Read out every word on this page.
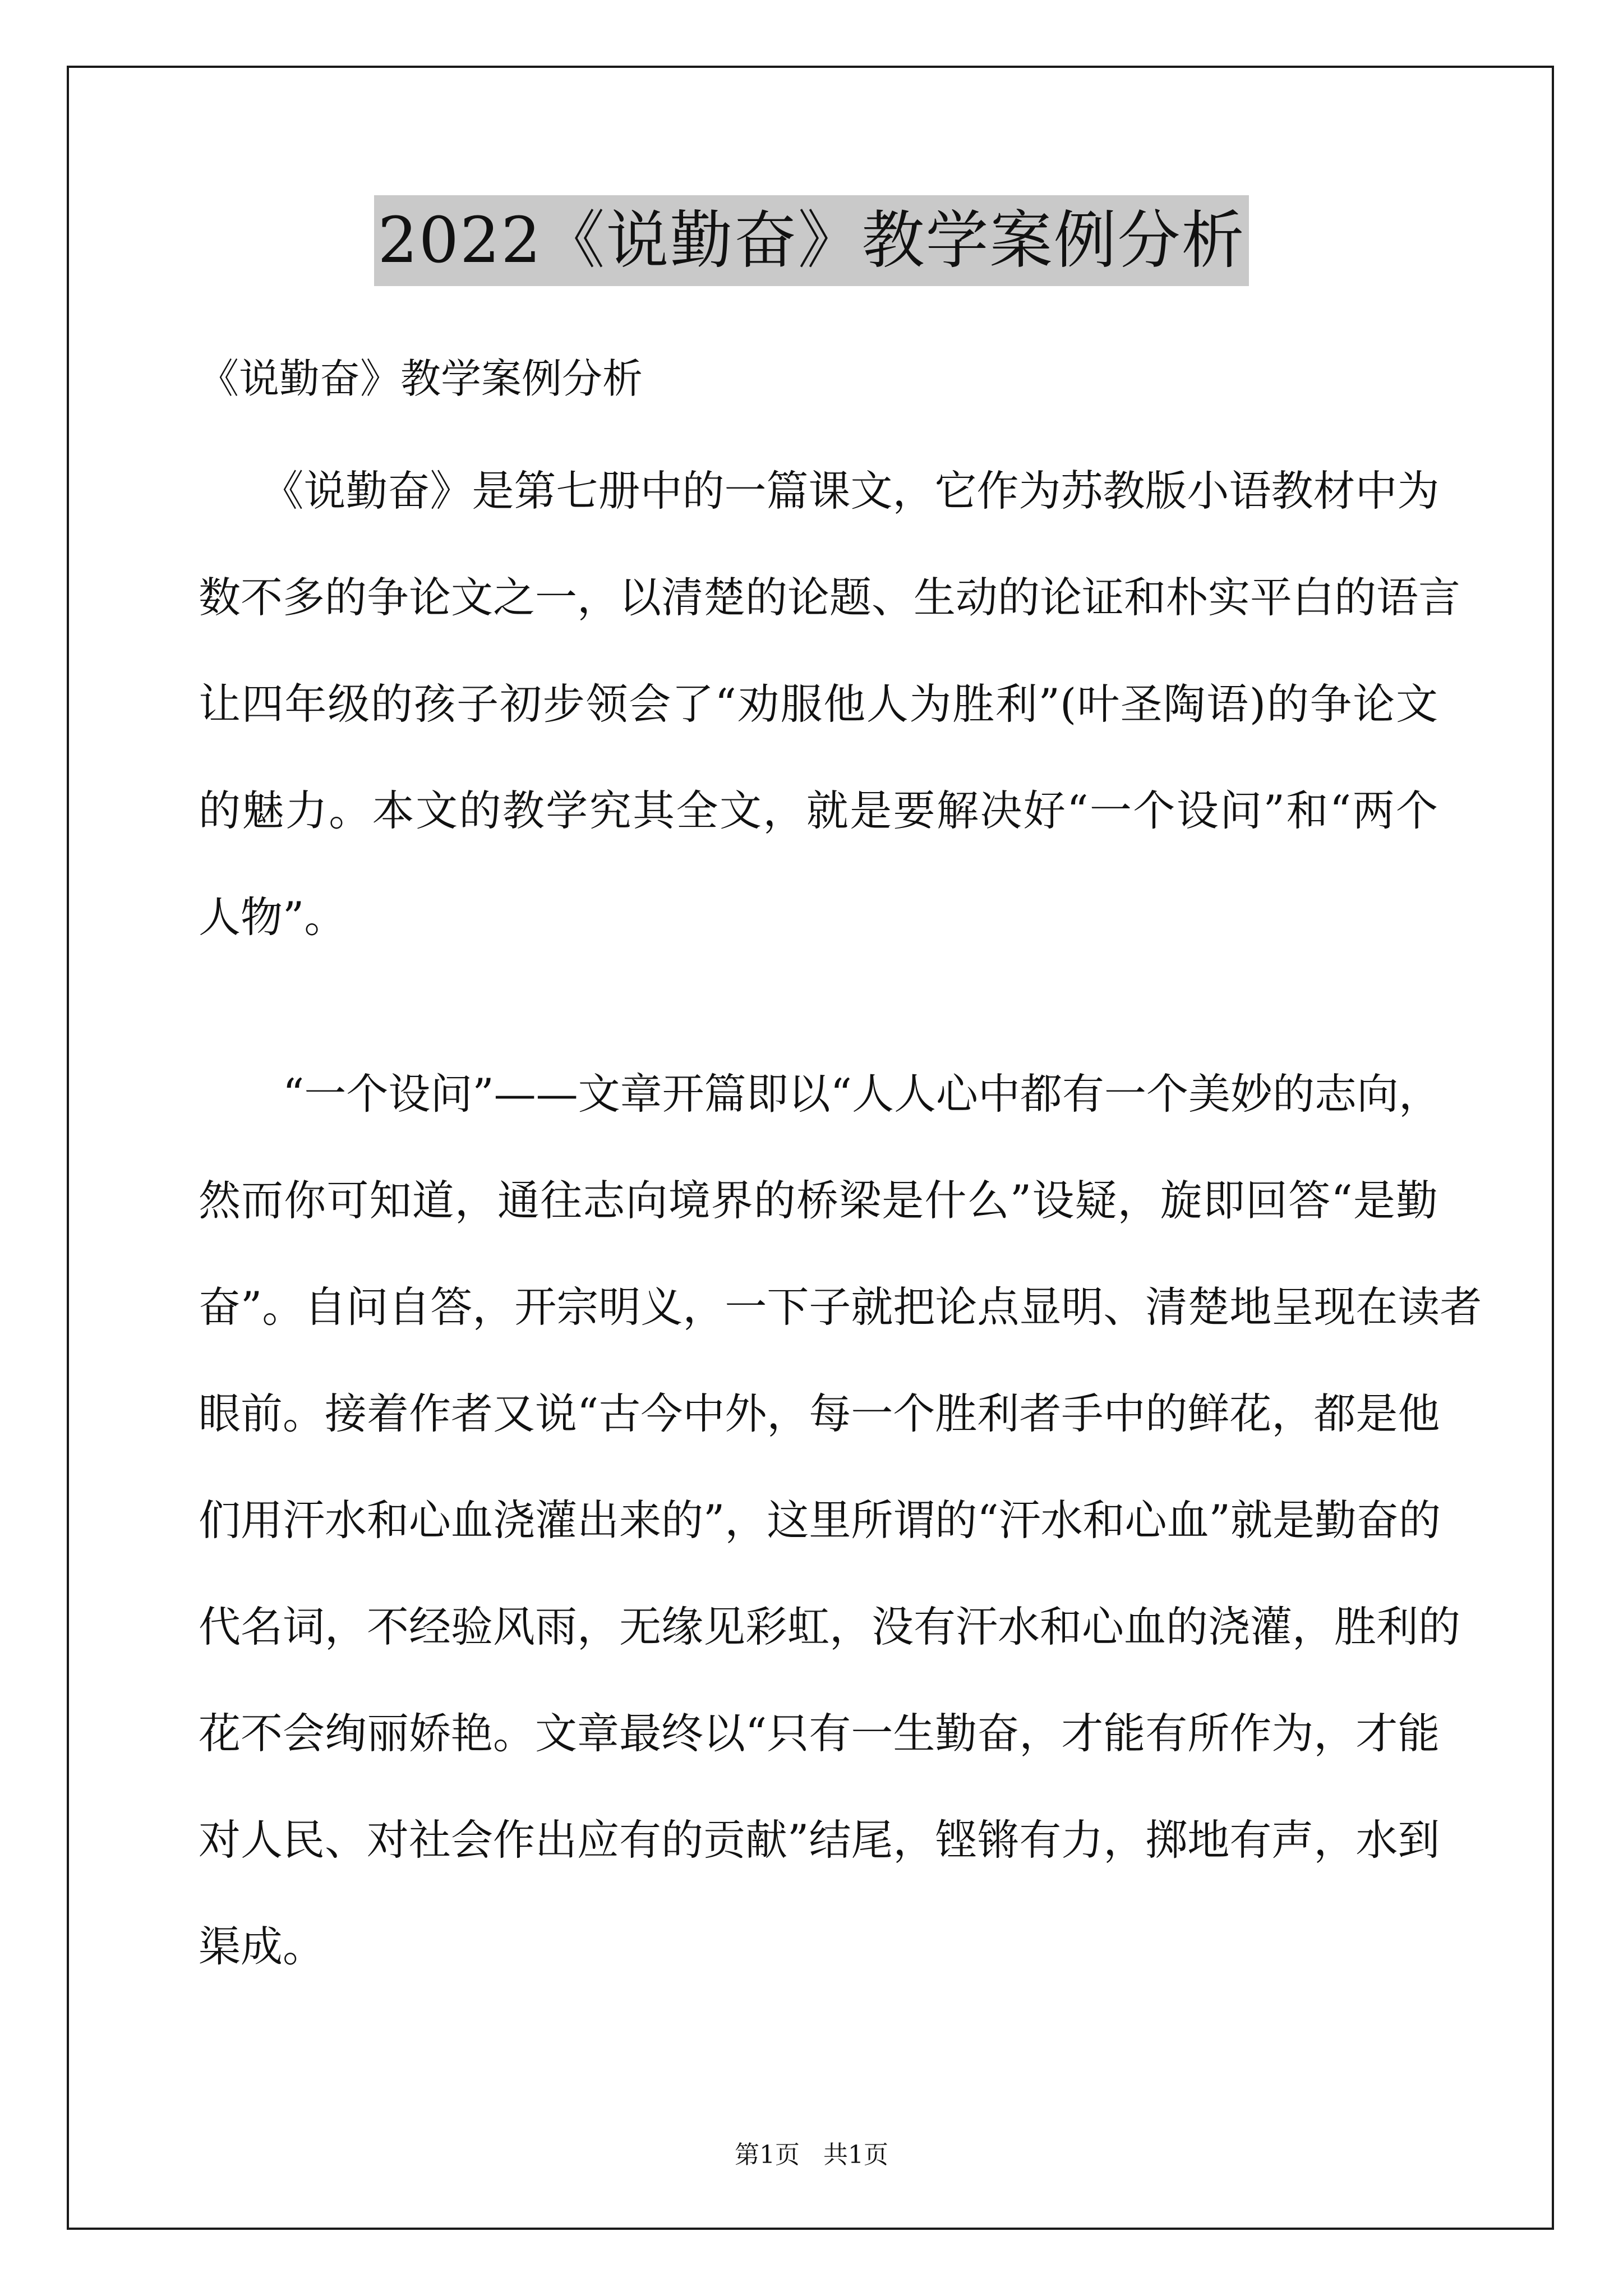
2022《说勤奋》教学案例分析
《说勤奋》教学案例分析
　　《说勤奋》是第七册中的一篇课文，它作为苏教版小语教材中为
数不多的争论文之一，以清楚的论题、生动的论证和朴实平白的语言
让四年级的孩子初步领会了“劝服他人为胜利”(叶圣陶语)的争论文
的魅力。本文的教学究其全文，就是要解决好“一个设问”和“两个
人物”。
　　“一个设问”——文章开篇即以“人人心中都有一个美妙的志向，
然而你可知道，通往志向境界的桥梁是什么”设疑，旋即回答“是勤
奋”。自问自答，开宗明义，一下子就把论点显明、清楚地呈现在读者
眼前。接着作者又说“古今中外，每一个胜利者手中的鲜花，都是他
们用汗水和心血浇灌出来的”，这里所谓的“汗水和心血”就是勤奋的
代名词，不经验风雨，无缘见彩虹，没有汗水和心血的浇灌，胜利的
花不会绚丽娇艳。文章最终以“只有一生勤奋，才能有所作为，才能
对人民、对社会作出应有的贡献”结尾，铿锵有力，掷地有声，水到
渠成。
第1页 共1页
